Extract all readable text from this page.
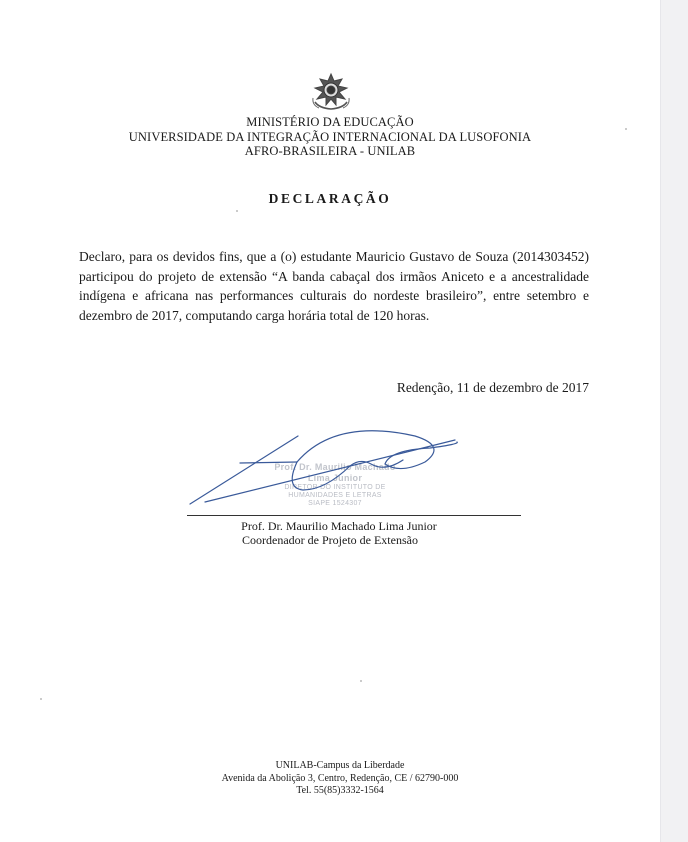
MINISTÉRIO DA EDUCAÇÃO
UNIVERSIDADE DA INTEGRAÇÃO INTERNACIONAL DA LUSOFONIA
AFRO-BRASILEIRA - UNILAB
DECLARAÇÃO

Declaro, para os devidos fins, que a (o) estudante Mauricio Gustavo de Souza (2014303452) participou do projeto de extensão “A banda cabaçal dos irmãos Aniceto e a ancestralidade indígena e africana nas performances culturais do nordeste brasileiro”, entre setembro e dezembro de 2017, computando carga horária total de 120 horas.

Redenção, 11 de dezembro de 2017
Prof. Dr. Maurilio Machado Lima Junior
DIRETOR DO INSTITUTO DE
HUMANIDADES E LETRAS
SIAPE 1524307
Prof. Dr. Maurilio Machado Lima Junior
Coordenador de Projeto de Extensão
UNILAB-Campus da Liberdade
Avenida da Abolição 3, Centro, Redenção, CE / 62790-000
Tel. 55(85)3332-1564
